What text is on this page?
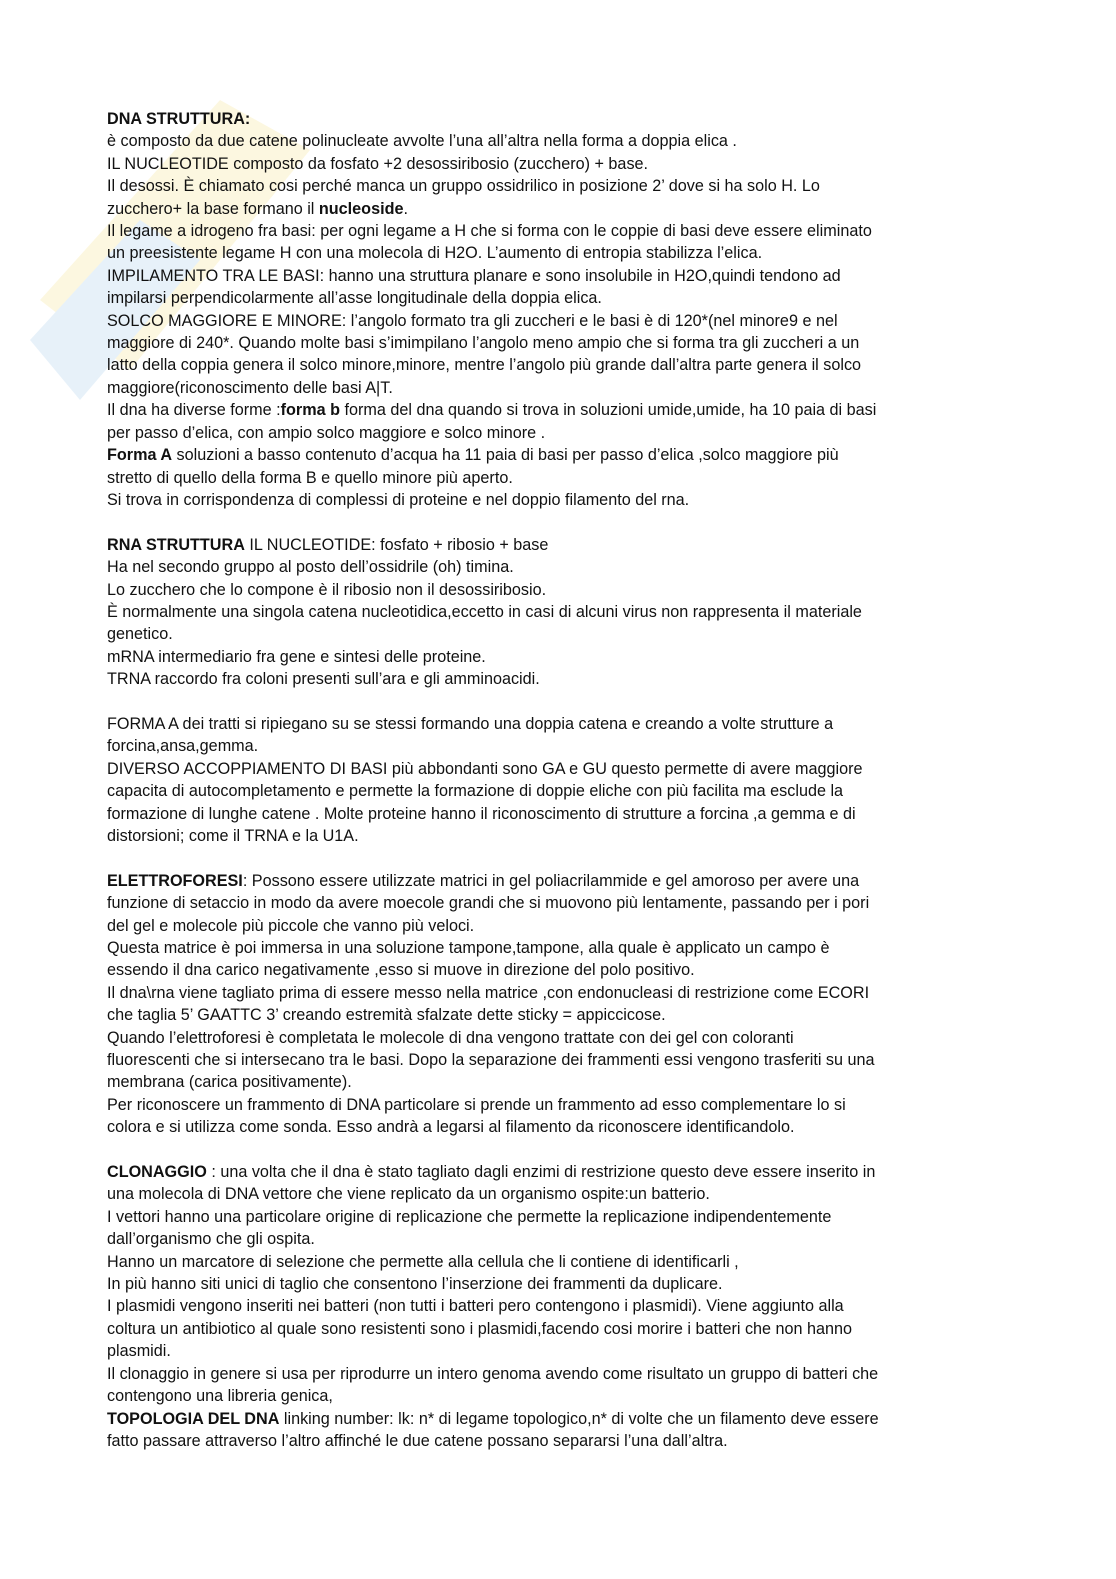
DNA STRUTTURA:
è composto da due catene polinucleate avvolte l’una all’altra nella forma a doppia elica .
IL NUCLEOTIDE composto da fosfato +2 desossiribosio (zucchero) + base.
Il desossi. È chiamato cosi perché manca un gruppo ossidrilico in posizione 2’ dove si ha solo H. Lo
zucchero+ la base formano il nucleoside.
Il legame a idrogeno fra basi: per ogni legame a H che si forma con le coppie di basi deve essere eliminato
un preesistente legame H con una molecola di H2O. L’aumento di entropia stabilizza l’elica.
IMPILAMENTO TRA LE BASI: hanno una struttura planare e sono insolubile in H2O,quindi tendono ad
impilarsi perpendicolarmente all’asse longitudinale della doppia elica.
SOLCO MAGGIORE E MINORE: l’angolo formato tra gli zuccheri e le basi è di 120*(nel minore9 e nel
maggiore di 240*. Quando molte basi s’imimpilano l’angolo meno ampio che si forma tra gli zuccheri a un
latto della coppia genera il solco minore,minore, mentre l’angolo più grande dall’altra parte genera il solco
maggiore(riconoscimento delle basi A|T.
Il dna ha diverse forme :forma b forma del dna quando si trova in soluzioni umide,umide, ha 10 paia di basi
per passo d’elica, con ampio solco maggiore e solco minore .
Forma A soluzioni a basso contenuto d’acqua ha 11 paia di basi per passo d’elica ,solco maggiore più
stretto di quello della forma B e quello minore più aperto.
Si trova in corrispondenza di complessi di proteine e nel doppio filamento del rna.
RNA STRUTTURA IL NUCLEOTIDE: fosfato + ribosio + base
Ha nel secondo gruppo al posto dell’ossidrile (oh) timina.
Lo zucchero che lo compone è il ribosio non il desossiribosio.
È normalmente una singola catena nucleotidica,eccetto in casi di alcuni virus non rappresenta il materiale
genetico.
mRNA intermediario fra gene e sintesi delle proteine.
TRNA raccordo fra coloni presenti sull’ara e gli amminoacidi.
FORMA A dei tratti si ripiegano su se stessi formando una doppia catena e creando a volte strutture a
forcina,ansa,gemma.
DIVERSO ACCOPPIAMENTO DI BASI più abbondanti sono GA e GU questo permette di avere maggiore
capacita di autocompletamento e permette la formazione di doppie eliche con più facilita ma esclude la
formazione di lunghe catene . Molte proteine hanno il riconoscimento di strutture a forcina ,a gemma e di
distorsioni; come il TRNA e la U1A.
ELETTROFORESI: Possono essere utilizzate matrici in gel poliacrilammide e gel amoroso per avere una
funzione di setaccio in modo da avere moecole grandi che si muovono più lentamente, passando per i pori
del gel e molecole più piccole che vanno più veloci.
Questa matrice è poi immersa in una soluzione tampone,tampone, alla quale è applicato un campo è
essendo il dna carico negativamente ,esso si muove in direzione del polo positivo.
Il dna\rna viene tagliato prima di essere messo nella matrice ,con endonucleasi di restrizione come ECORI
che taglia 5’ GAATTC 3’ creando estremità sfalzate dette sticky = appiccicose.
Quando l’elettroforesi è completata le molecole di dna vengono trattate con dei gel con coloranti
fluorescenti che si intersecano tra le basi. Dopo la separazione dei frammenti essi vengono trasferiti su una
membrana (carica positivamente).
Per riconoscere un frammento di DNA particolare si prende un frammento ad esso complementare lo si
colora e si utilizza come sonda. Esso andrà a legarsi al filamento da riconoscere identificandolo.
CLONAGGIO : una volta che il dna è stato tagliato dagli enzimi di restrizione questo deve essere inserito in
una molecola di DNA vettore che viene replicato da un organismo ospite:un batterio.
I vettori hanno una particolare origine di replicazione che permette la replicazione indipendentemente
dall’organismo che gli ospita.
Hanno un marcatore di selezione che permette alla cellula che li contiene di identificarli ,
In più hanno siti unici di taglio che consentono l’inserzione dei frammenti da duplicare.
I plasmidi vengono inseriti nei batteri (non tutti i batteri pero contengono i plasmidi). Viene aggiunto alla
coltura un antibiotico al quale sono resistenti sono i plasmidi,facendo cosi morire i batteri che non hanno
plasmidi.
Il clonaggio in genere si usa per riprodurre un intero genoma avendo come risultato un gruppo di batteri che
contengono una libreria genica,
TOPOLOGIA DEL DNA linking number: lk: n* di legame topologico,n* di volte che un filamento deve essere
fatto passare attraverso l’altro affinché le due catene possano separarsi l’una dall’altra.
